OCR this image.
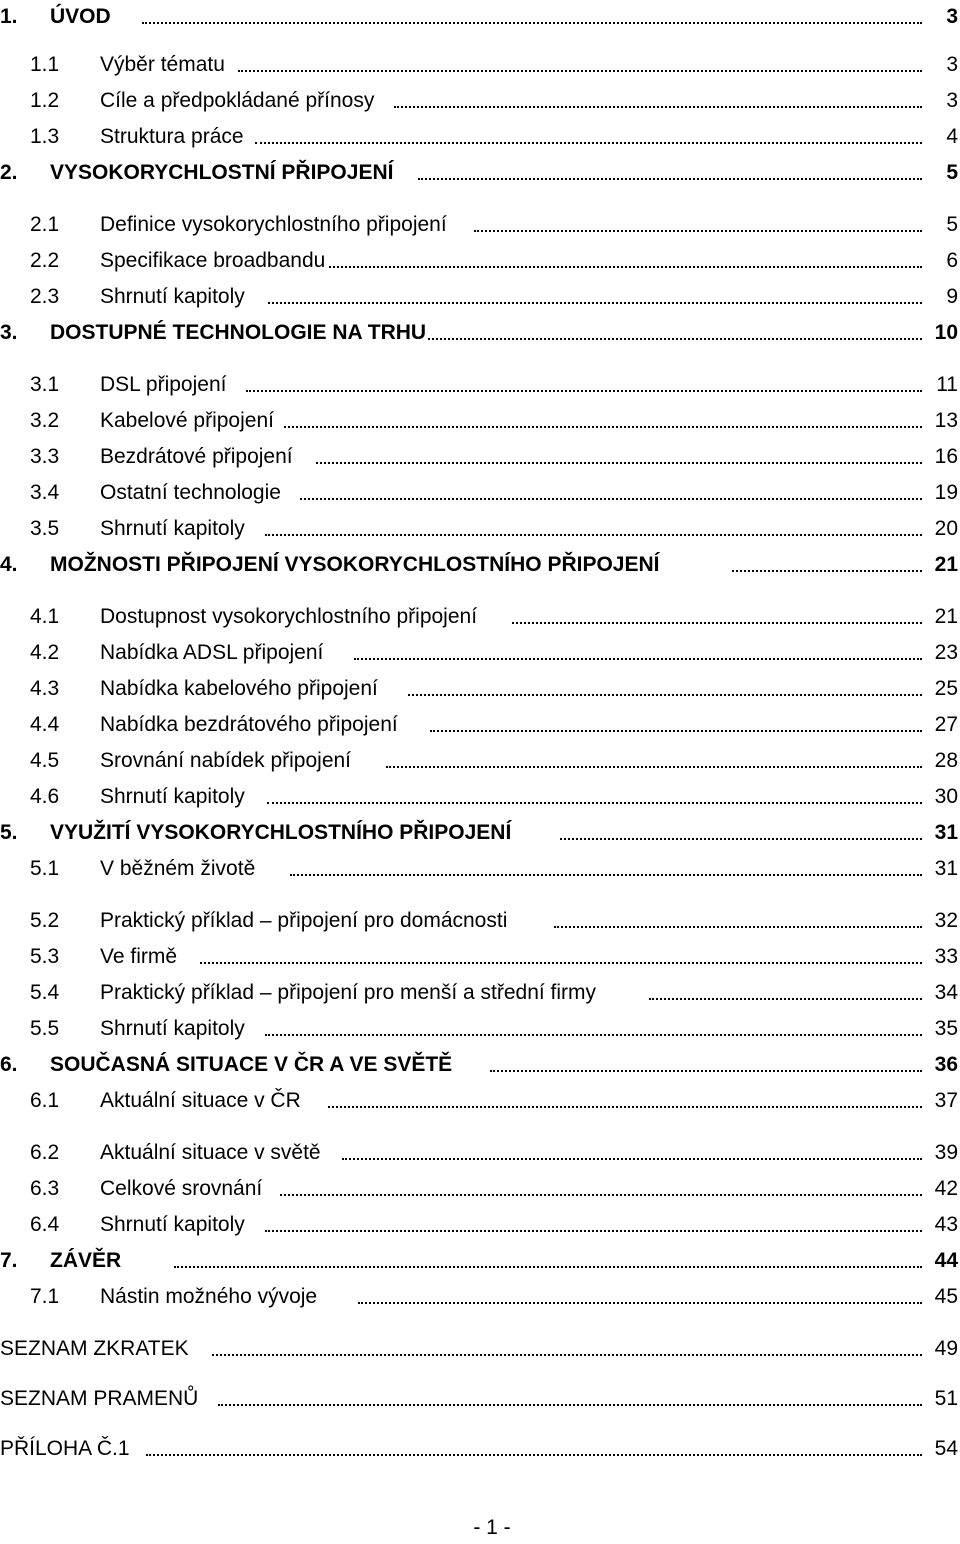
1. ÚVOD	3
1.1 Výběr tématu	3
1.2 Cíle a předpokládané přínosy	3
1.3 Struktura práce	4
2. VYSOKORYCHLOSTNÍ PŘIPOJENÍ	5
2.1 Definice vysokorychlostního připojení	5
2.2 Specifikace broadbandu	6
2.3 Shrnutí kapitoly	9
3. DOSTUPNÉ TECHNOLOGIE NA TRHU	10
3.1 DSL připojení	11
3.2 Kabelové připojení	13
3.3 Bezdrátové připojení	16
3.4 Ostatní technologie	19
3.5 Shrnutí kapitoly	20
4. MOŽNOSTI PŘIPOJENÍ VYSOKORYCHLOSTNÍHO PŘIPOJENÍ	21
4.1 Dostupnost vysokorychlostního připojení	21
4.2 Nabídka ADSL připojení	23
4.3 Nabídka kabelového připojení	25
4.4 Nabídka bezdrátového připojení	27
4.5 Srovnání nabídek připojení	28
4.6 Shrnutí kapitoly	30
5. VYUŽITÍ VYSOKORYCHLOSTNÍHO PŘIPOJENÍ	31
5.1 V běžném životě	31
5.2 Praktický příklad – připojení pro domácnosti	32
5.3 Ve firmě	33
5.4 Praktický příklad – připojení pro menší a střední firmy	34
5.5 Shrnutí kapitoly	35
6. SOUČASNÁ SITUACE V ČR A VE SVĚTĚ	36
6.1 Aktuální situace v ČR	37
6.2 Aktuální situace v světě	39
6.3 Celkové srovnání	42
6.4 Shrnutí kapitoly	43
7. ZÁVĚR	44
7.1 Nástin možného vývoje	45
SEZNAM ZKRATEK	49
SEZNAM PRAMENŮ	51
PŘÍLOHA Č.1	54
- 1 -
